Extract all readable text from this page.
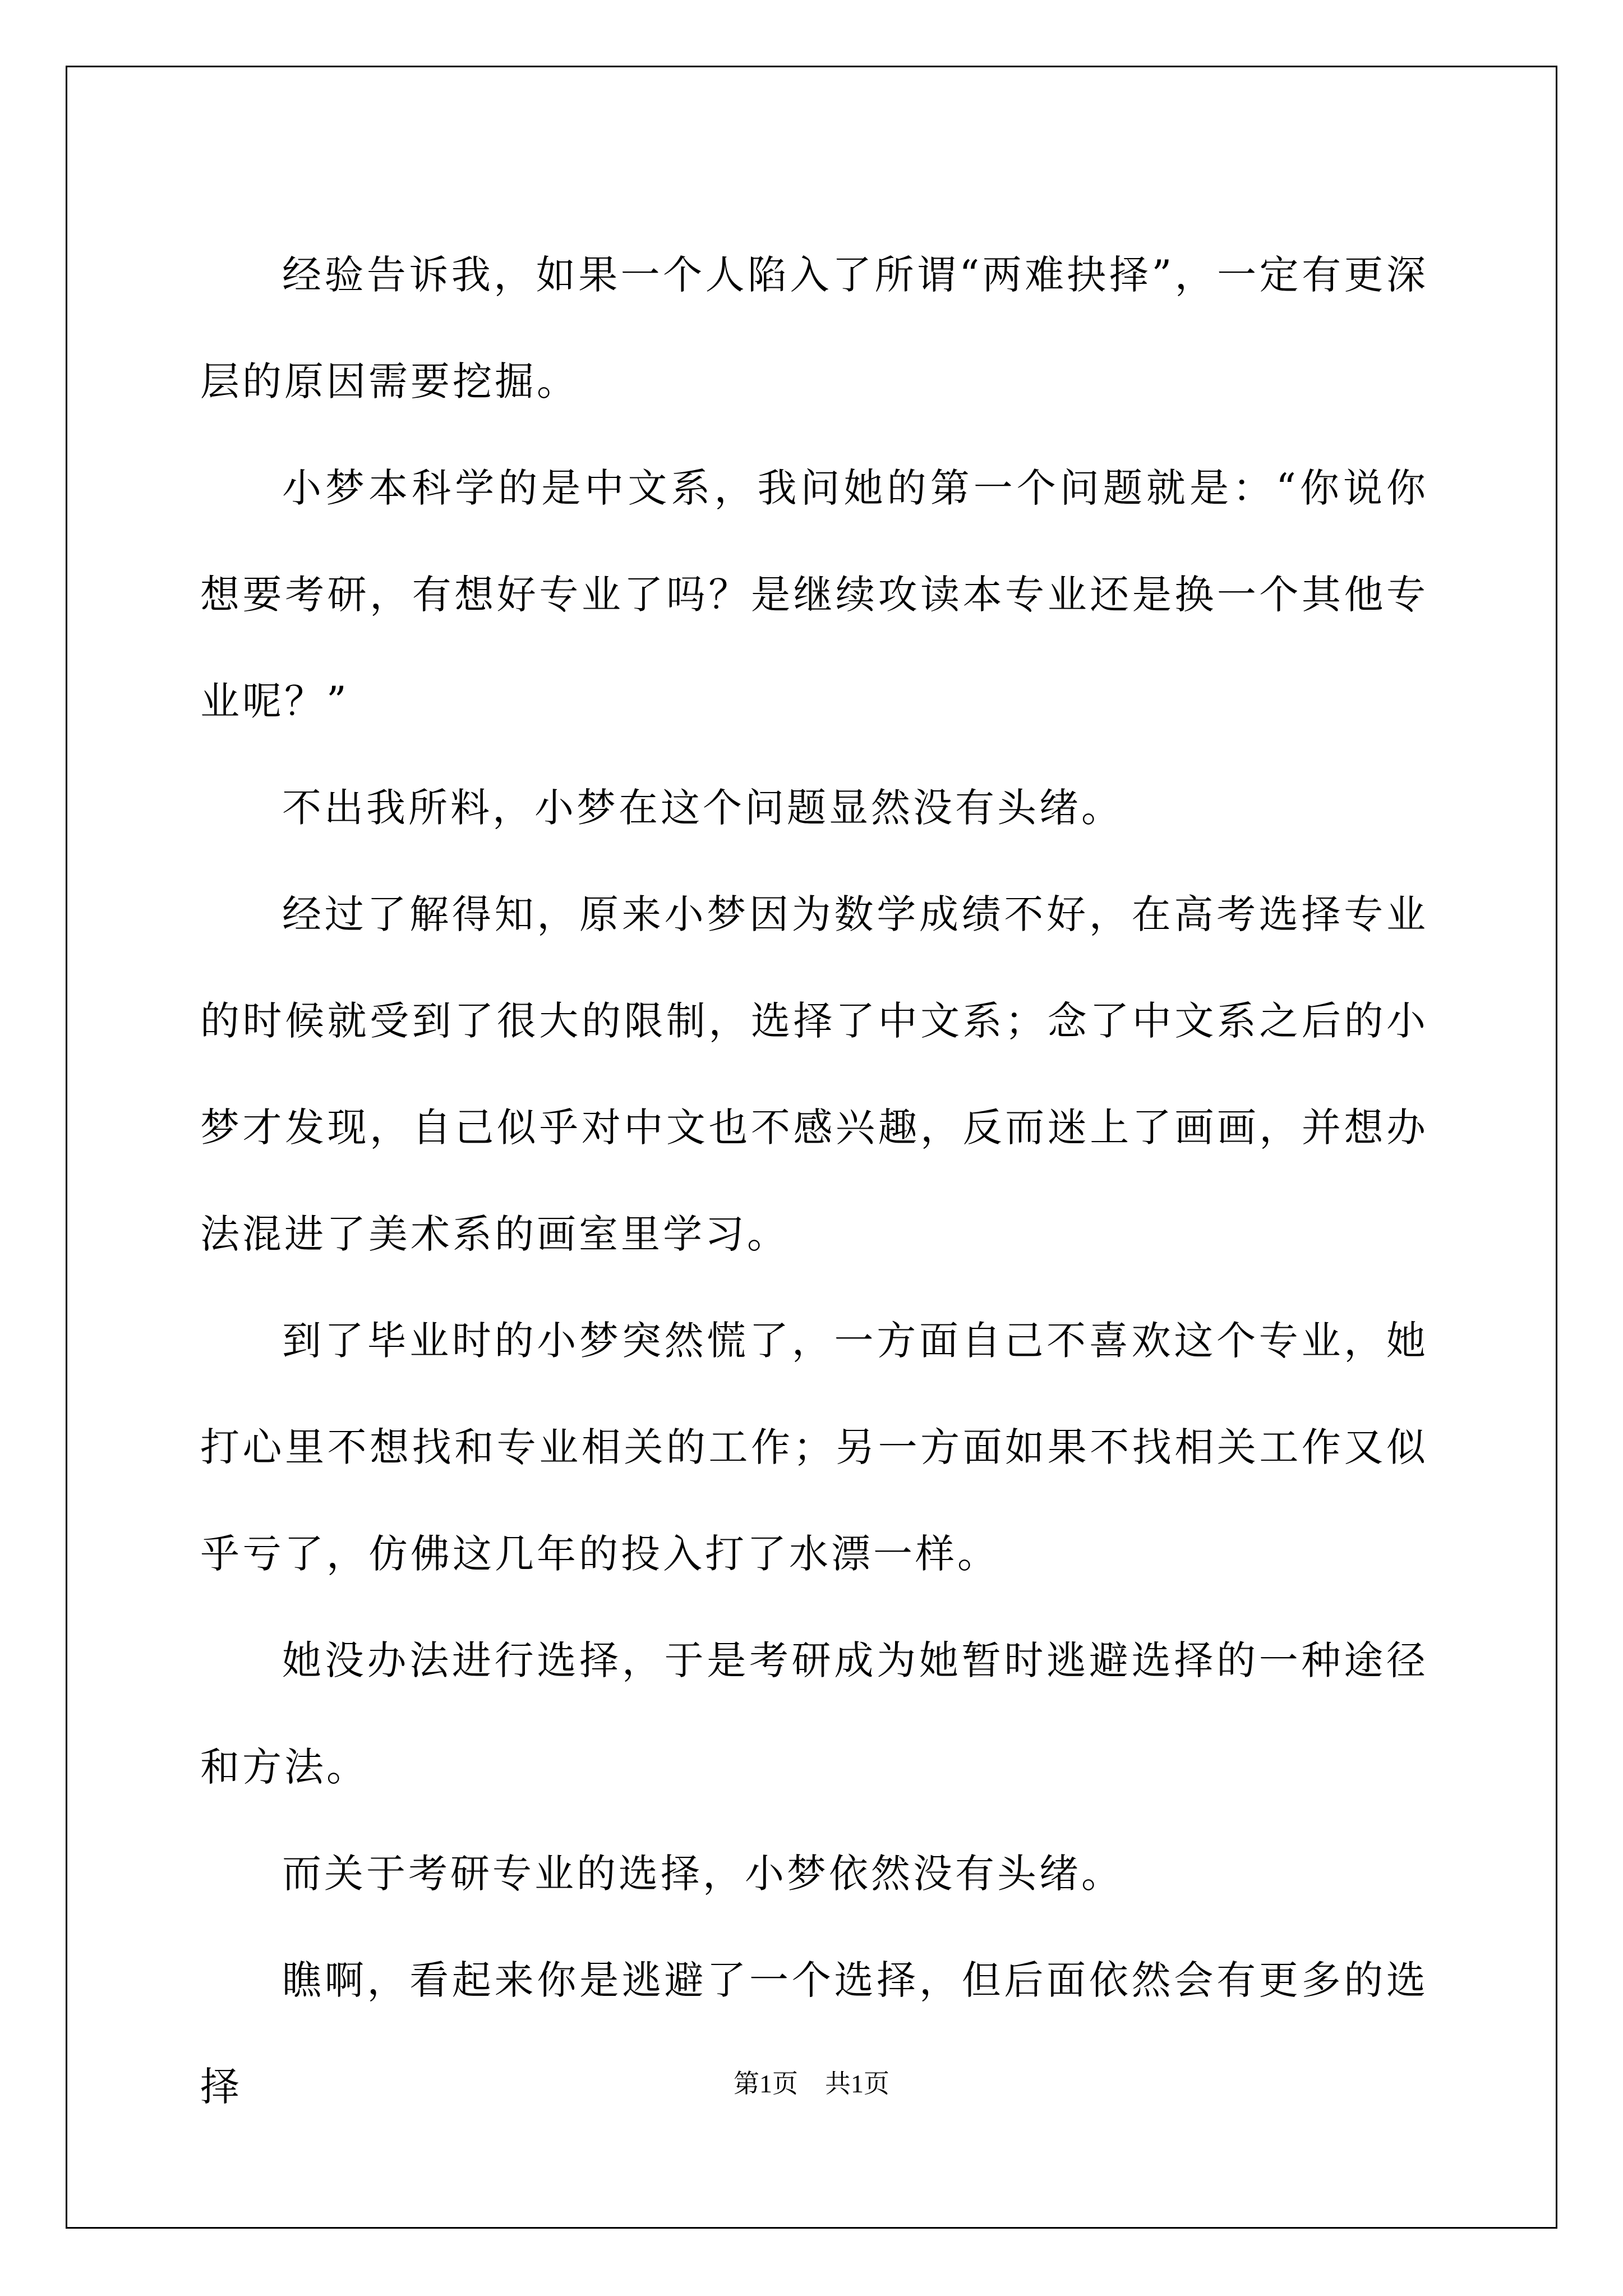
经验告诉我，如果一个人陷入了所谓“两难抉择”，一定有更深层的原因需要挖掘。

小梦本科学的是中文系，我问她的第一个问题就是：“你说你想要考研，有想好专业了吗？是继续攻读本专业还是换一个其他专业呢？”

不出我所料，小梦在这个问题显然没有头绪。

经过了解得知，原来小梦因为数学成绩不好，在高考选择专业的时候就受到了很大的限制，选择了中文系；念了中文系之后的小梦才发现，自己似乎对中文也不感兴趣，反而迷上了画画，并想办法混进了美术系的画室里学习。

到了毕业时的小梦突然慌了，一方面自己不喜欢这个专业，她打心里不想找和专业相关的工作；另一方面如果不找相关工作又似乎亏了，仿佛这几年的投入打了水漂一样。

她没办法进行选择，于是考研成为她暂时逃避选择的一种途径和方法。

而关于考研专业的选择，小梦依然没有头绪。

瞧啊，看起来你是逃避了一个选择，但后面依然会有更多的选择	第1页 共1页
